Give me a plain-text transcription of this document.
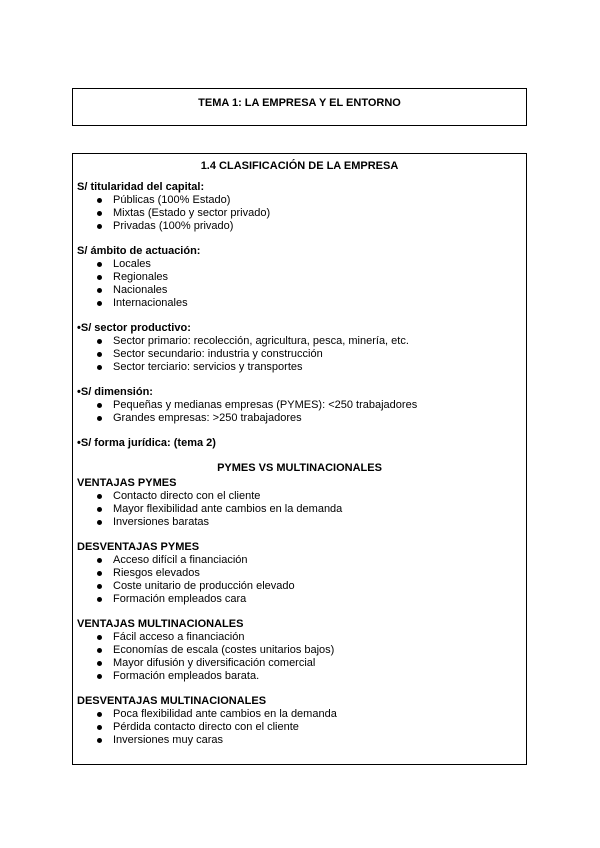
TEMA 1: LA EMPRESA Y EL ENTORNO
1.4 CLASIFICACIÓN DE LA EMPRESA
S/ titularidad del capital:
Públicas (100% Estado)
Mixtas (Estado y sector privado)
Privadas (100% privado)
S/ ámbito de actuación:
Locales
Regionales
Nacionales
Internacionales
•S/ sector productivo:
Sector primario: recolección, agricultura, pesca, minería, etc.
Sector secundario: industria y construcción
Sector terciario: servicios y transportes
•S/ dimensión:
Pequeñas y medianas empresas (PYMES): <250 trabajadores
Grandes empresas: >250 trabajadores
•S/ forma jurídica: (tema 2)
PYMES VS MULTINACIONALES
VENTAJAS PYMES
Contacto directo con el cliente
Mayor flexibilidad ante cambios en la demanda
Inversiones baratas
DESVENTAJAS PYMES
Acceso difícil a financiación
Riesgos elevados
Coste unitario de producción elevado
Formación empleados cara
VENTAJAS MULTINACIONALES
Fácil acceso a financiación
Economías de escala (costes unitarios bajos)
Mayor difusión y diversificación comercial
Formación empleados barata.
DESVENTAJAS MULTINACIONALES
Poca flexibilidad ante cambios en la demanda
Pérdida contacto directo con el cliente
Inversiones muy caras
